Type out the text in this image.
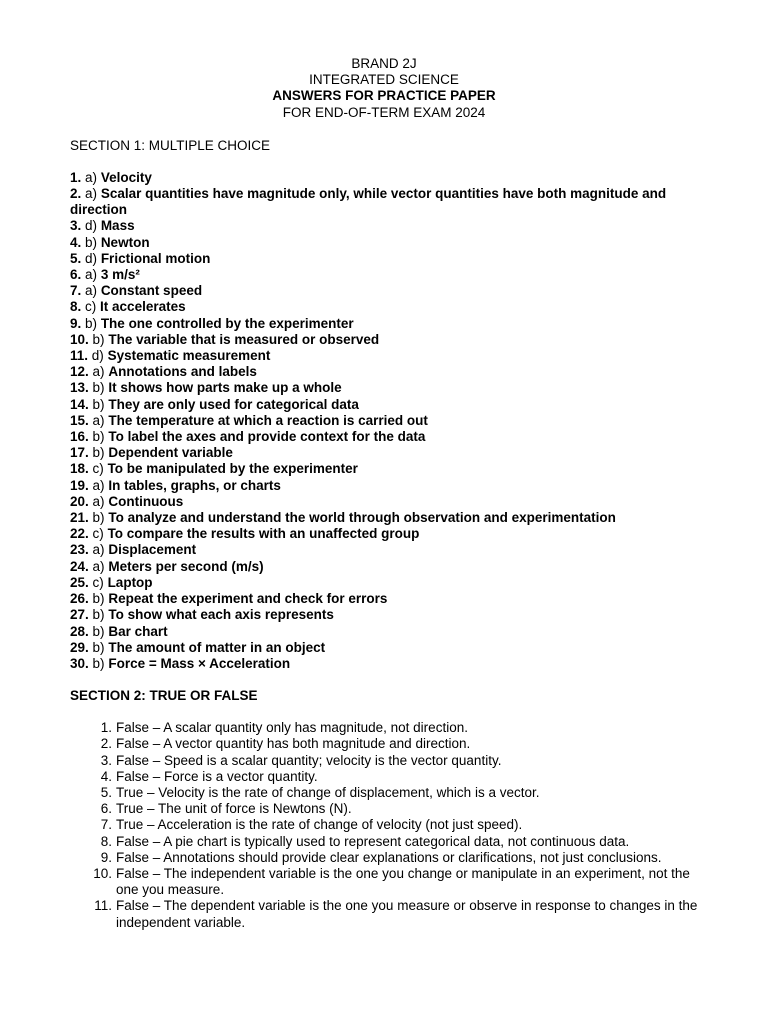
BRAND 2J
INTEGRATED SCIENCE
ANSWERS FOR PRACTICE PAPER
FOR END-OF-TERM EXAM 2024
SECTION 1: MULTIPLE CHOICE
1. a) Velocity
2. a) Scalar quantities have magnitude only, while vector quantities have both magnitude and direction
3. d) Mass
4. b) Newton
5. d) Frictional motion
6. a) 3 m/s²
7. a) Constant speed
8. c) It accelerates
9. b) The one controlled by the experimenter
10. b) The variable that is measured or observed
11. d) Systematic measurement
12. a) Annotations and labels
13. b) It shows how parts make up a whole
14. b) They are only used for categorical data
15. a) The temperature at which a reaction is carried out
16. b) To label the axes and provide context for the data
17. b) Dependent variable
18. c) To be manipulated by the experimenter
19. a) In tables, graphs, or charts
20. a) Continuous
21. b) To analyze and understand the world through observation and experimentation
22. c) To compare the results with an unaffected group
23. a) Displacement
24. a) Meters per second (m/s)
25. c) Laptop
26. b) Repeat the experiment and check for errors
27. b) To show what each axis represents
28. b) Bar chart
29. b) The amount of matter in an object
30. b) Force = Mass × Acceleration
SECTION 2: TRUE OR FALSE
1. False – A scalar quantity only has magnitude, not direction.
2. False – A vector quantity has both magnitude and direction.
3. False – Speed is a scalar quantity; velocity is the vector quantity.
4. False – Force is a vector quantity.
5. True – Velocity is the rate of change of displacement, which is a vector.
6. True – The unit of force is Newtons (N).
7. True – Acceleration is the rate of change of velocity (not just speed).
8. False – A pie chart is typically used to represent categorical data, not continuous data.
9. False – Annotations should provide clear explanations or clarifications, not just conclusions.
10. False – The independent variable is the one you change or manipulate in an experiment, not the one you measure.
11. False – The dependent variable is the one you measure or observe in response to changes in the independent variable.
